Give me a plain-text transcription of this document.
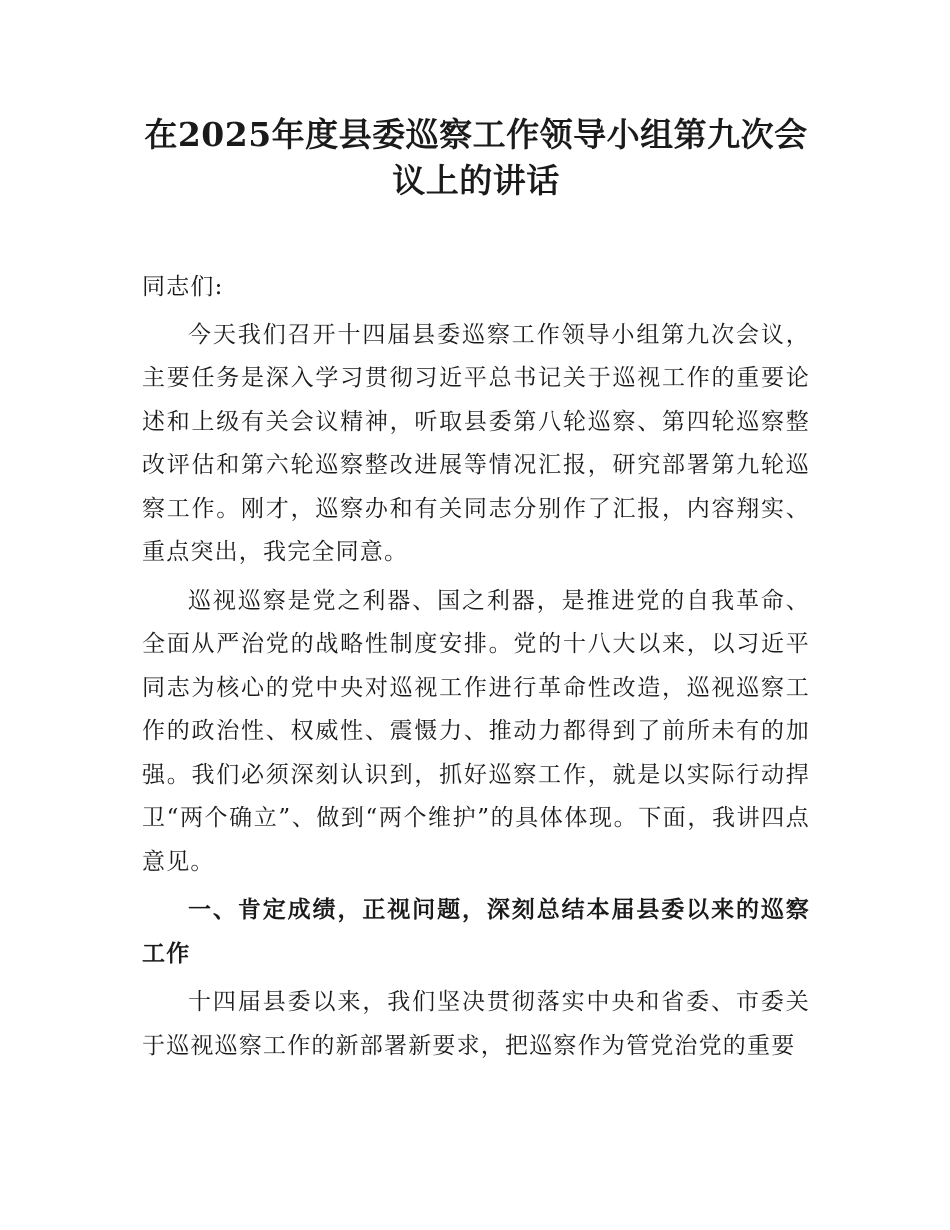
在2025年度县委巡察工作领导小组第九次会议上的讲话

同志们:

今天我们召开十四届县委巡察工作领导小组第九次会议，主要任务是深入学习贯彻习近平总书记关于巡视工作的重要论述和上级有关会议精神，听取县委第八轮巡察、第四轮巡察整改评估和第六轮巡察整改进展等情况汇报，研究部署第九轮巡察工作。刚才，巡察办和有关同志分别作了汇报，内容翔实、重点突出，我完全同意。

巡视巡察是党之利器、国之利器，是推进党的自我革命、全面从严治党的战略性制度安排。党的十八大以来，以习近平同志为核心的党中央对巡视工作进行革命性改造，巡视巡察工作的政治性、权威性、震慑力、推动力都得到了前所未有的加强。我们必须深刻认识到，抓好巡察工作，就是以实际行动捍卫“两个确立”、做到“两个维护”的具体体现。下面，我讲四点意见。

一、肯定成绩，正视问题，深刻总结本届县委以来的巡察工作

十四届县委以来，我们坚决贯彻落实中央和省委、市委关于巡视巡察工作的新部署新要求，把巡察作为管党治党的重要
